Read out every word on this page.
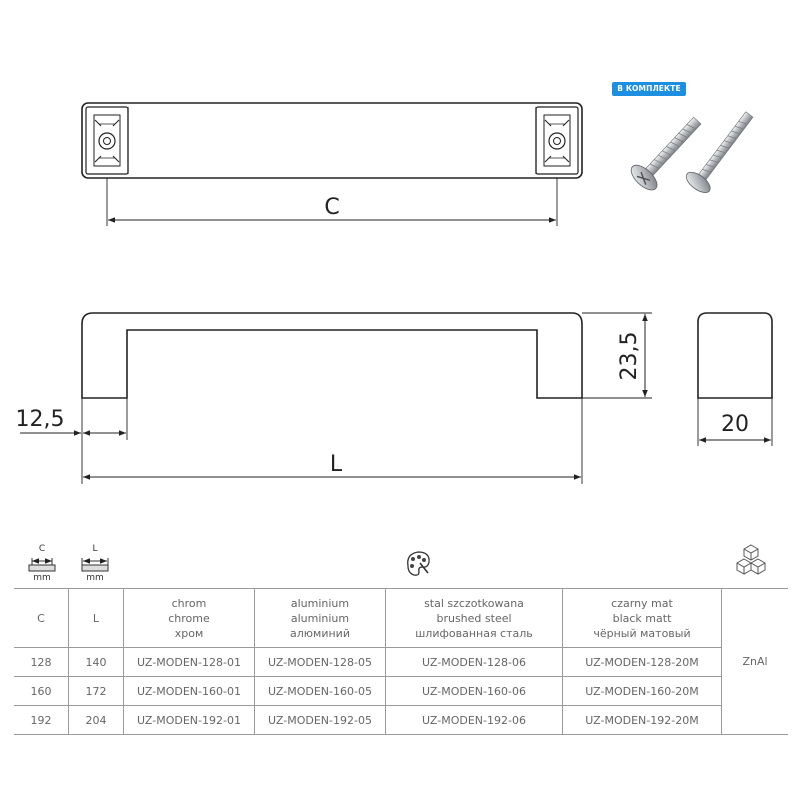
C
12,5
L
23,5
20
В КОМПЛЕКТЕ
C
mm
L
mm
C	L	chrom
chrome
хром	aluminium
aluminium
алюминий	stal szczotkowana
brushed steel
шлифованная сталь	czarny mat
black matt
чёрный матовый	ZnAl
128	140	UZ-MODEN-128-01	UZ-MODEN-128-05	UZ-MODEN-128-06	UZ-MODEN-128-20M	
160	172	UZ-MODEN-160-01	UZ-MODEN-160-05	UZ-MODEN-160-06	UZ-MODEN-160-20M	
192	204	UZ-MODEN-192-01	UZ-MODEN-192-05	UZ-MODEN-192-06	UZ-MODEN-192-20M	
